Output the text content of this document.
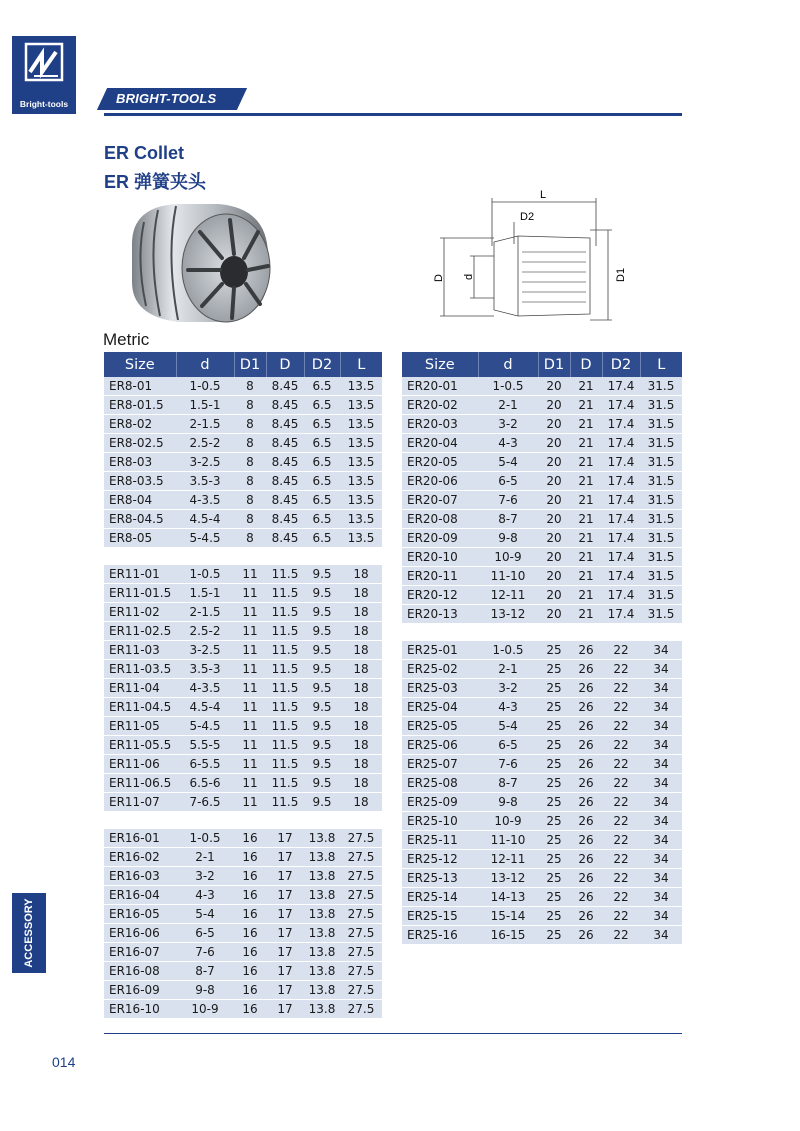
Bright-tools	BRIGHT-TOOLS
ER Collet
ER 弹簧夹头
L
D2
D d	D1
Metric
Size	d	D1	D	D2	L
ER8-01	1-0.5	8	8.45	6.5	13.5
ER8-01.5	1.5-1	8	8.45	6.5	13.5
ER8-02	2-1.5	8	8.45	6.5	13.5
ER8-02.5	2.5-2	8	8.45	6.5	13.5
ER8-03	3-2.5	8	8.45	6.5	13.5
ER8-03.5	3.5-3	8	8.45	6.5	13.5
ER8-04	4-3.5	8	8.45	6.5	13.5
ER8-04.5	4.5-4	8	8.45	6.5	13.5
ER8-05	5-4.5	8	8.45	6.5	13.5

ER11-01	1-0.5	11	11.5	9.5	18
ER11-01.5	1.5-1	11	11.5	9.5	18
ER11-02	2-1.5	11	11.5	9.5	18
ER11-02.5	2.5-2	11	11.5	9.5	18
ER11-03	3-2.5	11	11.5	9.5	18
ER11-03.5	3.5-3	11	11.5	9.5	18
ER11-04	4-3.5	11	11.5	9.5	18
ER11-04.5	4.5-4	11	11.5	9.5	18
ER11-05	5-4.5	11	11.5	9.5	18
ER11-05.5	5.5-5	11	11.5	9.5	18
ER11-06	6-5.5	11	11.5	9.5	18
ER11-06.5	6.5-6	11	11.5	9.5	18
ER11-07	7-6.5	11	11.5	9.5	18

ER16-01	1-0.5	16	17	13.8	27.5
ER16-02	2-1	16	17	13.8	27.5
ER16-03	3-2	16	17	13.8	27.5
ER16-04	4-3	16	17	13.8	27.5
ER16-05	5-4	16	17	13.8	27.5
ER16-06	6-5	16	17	13.8	27.5
ER16-07	7-6	16	17	13.8	27.5
ER16-08	8-7	16	17	13.8	27.5
ER16-09	9-8	16	17	13.8	27.5
ER16-10	10-9	16	17	13.8	27.5
Size	d	D1	D	D2	L
ER20-01	1-0.5	20	21	17.4	31.5
ER20-02	2-1	20	21	17.4	31.5
ER20-03	3-2	20	21	17.4	31.5
ER20-04	4-3	20	21	17.4	31.5
ER20-05	5-4	20	21	17.4	31.5
ER20-06	6-5	20	21	17.4	31.5
ER20-07	7-6	20	21	17.4	31.5
ER20-08	8-7	20	21	17.4	31.5
ER20-09	9-8	20	21	17.4	31.5
ER20-10	10-9	20	21	17.4	31.5
ER20-11	11-10	20	21	17.4	31.5
ER20-12	12-11	20	21	17.4	31.5
ER20-13	13-12	20	21	17.4	31.5

ER25-01	1-0.5	25	26	22	34
ER25-02	2-1	25	26	22	34
ER25-03	3-2	25	26	22	34
ER25-04	4-3	25	26	22	34
ER25-05	5-4	25	26	22	34
ER25-06	6-5	25	26	22	34
ER25-07	7-6	25	26	22	34
ER25-08	8-7	25	26	22	34
ER25-09	9-8	25	26	22	34
ER25-10	10-9	25	26	22	34
ER25-11	11-10	25	26	22	34
ER25-12	12-11	25	26	22	34
ER25-13	13-12	25	26	22	34
ER25-14	14-13	25	26	22	34
ER25-15	15-14	25	26	22	34
ER25-16	16-15	25	26	22	34
ACCESSORY
014
